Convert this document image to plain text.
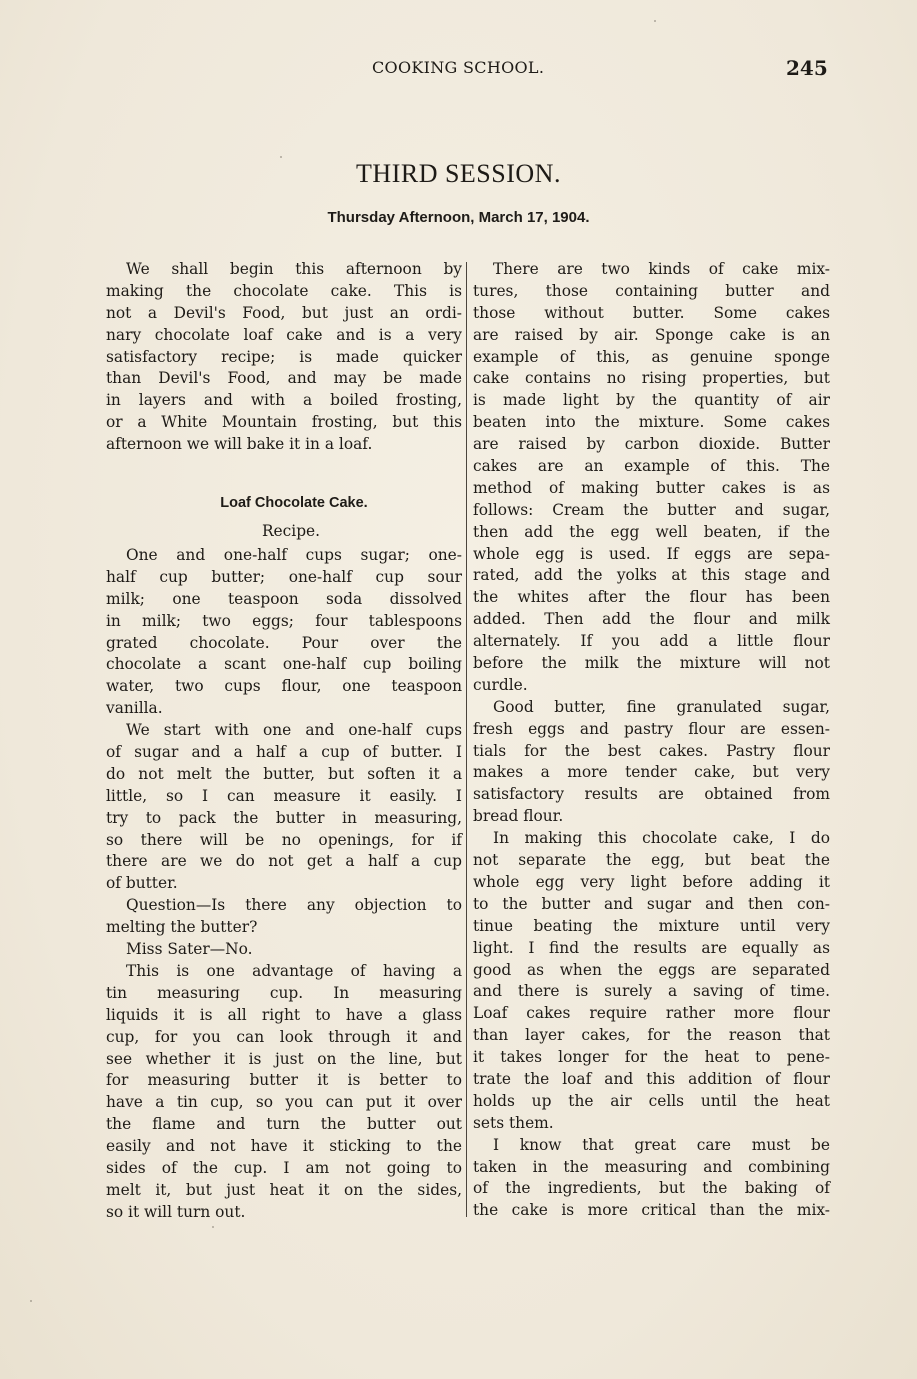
COOKING SCHOOL.	245
THIRD SESSION.
Thursday Afternoon, March 17, 1904.
We shall begin this afternoon by
making the chocolate cake. This is
not a Devil's Food, but just an ordi-
nary chocolate loaf cake and is a very
satisfactory recipe; is made quicker
than Devil's Food, and may be made
in layers and with a boiled frosting,
or a White Mountain frosting, but this
afternoon we will bake it in a loaf.
Loaf Chocolate Cake.
Recipe.
One and one-half cups sugar; one-
half cup butter; one-half cup sour
milk; one teaspoon soda dissolved
in milk; two eggs; four tablespoons
grated chocolate. Pour over the
chocolate a scant one-half cup boiling
water, two cups flour, one teaspoon
vanilla.
We start with one and one-half cups
of sugar and a half a cup of butter. I
do not melt the butter, but soften it a
little, so I can measure it easily. I
try to pack the butter in measuring,
so there will be no openings, for if
there are we do not get a half a cup
of butter.
Question—Is there any objection to
melting the butter?
Miss Sater—No.
This is one advantage of having a
tin measuring cup. In measuring
liquids it is all right to have a glass
cup, for you can look through it and
see whether it is just on the line, but
for measuring butter it is better to
have a tin cup, so you can put it over
the flame and turn the butter out
easily and not have it sticking to the
sides of the cup. I am not going to
melt it, but just heat it on the sides,
so it will turn out.
There are two kinds of cake mix-
tures, those containing butter and
those without butter. Some cakes
are raised by air. Sponge cake is an
example of this, as genuine sponge
cake contains no rising properties, but
is made light by the quantity of air
beaten into the mixture. Some cakes
are raised by carbon dioxide. Butter
cakes are an example of this. The
method of making butter cakes is as
follows: Cream the butter and sugar,
then add the egg well beaten, if the
whole egg is used. If eggs are sepa-
rated, add the yolks at this stage and
the whites after the flour has been
added. Then add the flour and milk
alternately. If you add a little flour
before the milk the mixture will not
curdle.
Good butter, fine granulated sugar,
fresh eggs and pastry flour are essen-
tials for the best cakes. Pastry flour
makes a more tender cake, but very
satisfactory results are obtained from
bread flour.
In making this chocolate cake, I do
not separate the egg, but beat the
whole egg very light before adding it
to the butter and sugar and then con-
tinue beating the mixture until very
light. I find the results are equally as
good as when the eggs are separated
and there is surely a saving of time.
Loaf cakes require rather more flour
than layer cakes, for the reason that
it takes longer for the heat to pene-
trate the loaf and this addition of flour
holds up the air cells until the heat
sets them.
I know that great care must be
taken in the measuring and combining
of the ingredients, but the baking of
the cake is more critical than the mix-
